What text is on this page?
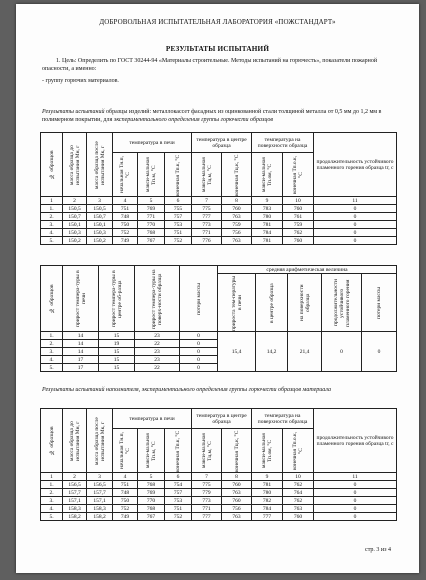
ДОБРОВОЛЬНАЯ ИСПЫТАТЕЛЬНАЯ ЛАБОРАТОРИЯ «ПОЖСТАНДАРТ»
РЕЗУЛЬТАТЫ ИСПЫТАНИЙ
1. Цель: Определить по ГОСТ 30244-94 «Материалы строительные. Методы испытаний на горючесть», показатели пожарной опасности, а именно:
- группу горючих материалов.
Результаты испытаний образцы изделий: металлокассет фасадных из оцинкованной стали толщиной металла от 0,5 мм до 1,2 мм в полимерном покрытии, для экспериментального определения группы горючести образцов
№ образцов	масса образца до испытания Мн, г	масса образца после испытания Мк, г	температура в печи			температура в центре образца		температура на поверхности образца		продолжительность устойчивого пламенного горения образца tг, с

			начальная Тн.п, °С	макси-мальная Тп.м, °С	конечная Тп.к, °С	макси-мальная Тц.м, °С	конечная Тц.к, °С	макси-мальная Тп.ом, °С	конечная Тп.о.к, °С	

1	2	3	4	5	6	7	8	9	10	11
1.	150,5	150,5	751	769	755	775	760	783	760	0
2.	150,7	150,7	748	771	757	777	763	780	761	0
3.	150,1	150,1	750	770	753	773	759	781	759	0
4.	150,3	150,3	752	768	751	771	756	784	762	0
5.	150,2	150,2	749	767	752	776	763	781	760	0
№ образцов	прирост темпера-туры в печи	прирост темпера-туры в центре об-разца	прирост темпера-туры на поверх-ности образца	потери массы	средняя арифметическая величина				

					прироста тем-пературы в печи	в центре образца	на поверхности образца	продолжительности устойчивого пламенного горения	потери массы

1.	14	15	23	0	15,4	14,2	21,4	0	0
2.	14	19	22	0					
3.	14	15	23	0					
4.	17	15	23	0					
5.	17	15	22	0					
Результаты испытаний наполнителя, экспериментального определения группы горючести образцов материала
№ образцов	масса образца до испытания Мн, г	масса образца после испытания Мк, г	температура в печи			температура в центре образца		температура на поверхности образца		продолжительность устойчивого пламенного горения образца tг, с

			начальная Тн.п, °С	макси-мальная Тп.м, °С	конечная Тп.к, °С	макси-мальная Тц.м, °С	конечная Тц.к, °С	макси-мальная Тп.ом, °С	конечная Тп.о.к, °С	

1	2	3	4	5	6	7	8	9	10	11
1.	156,5	156,5	751	768	754	775	760	781	762	0
2.	157,7	157,7	748	769	757	779	763	780	764	0
3.	157,1	157,1	750	770	753	773	760	782	762	0
4.	158,3	158,3	752	768	751	771	756	784	763	0
5.	158,2	158,2	749	767	752	777	763	777	760	0
стр. 3 из 4
